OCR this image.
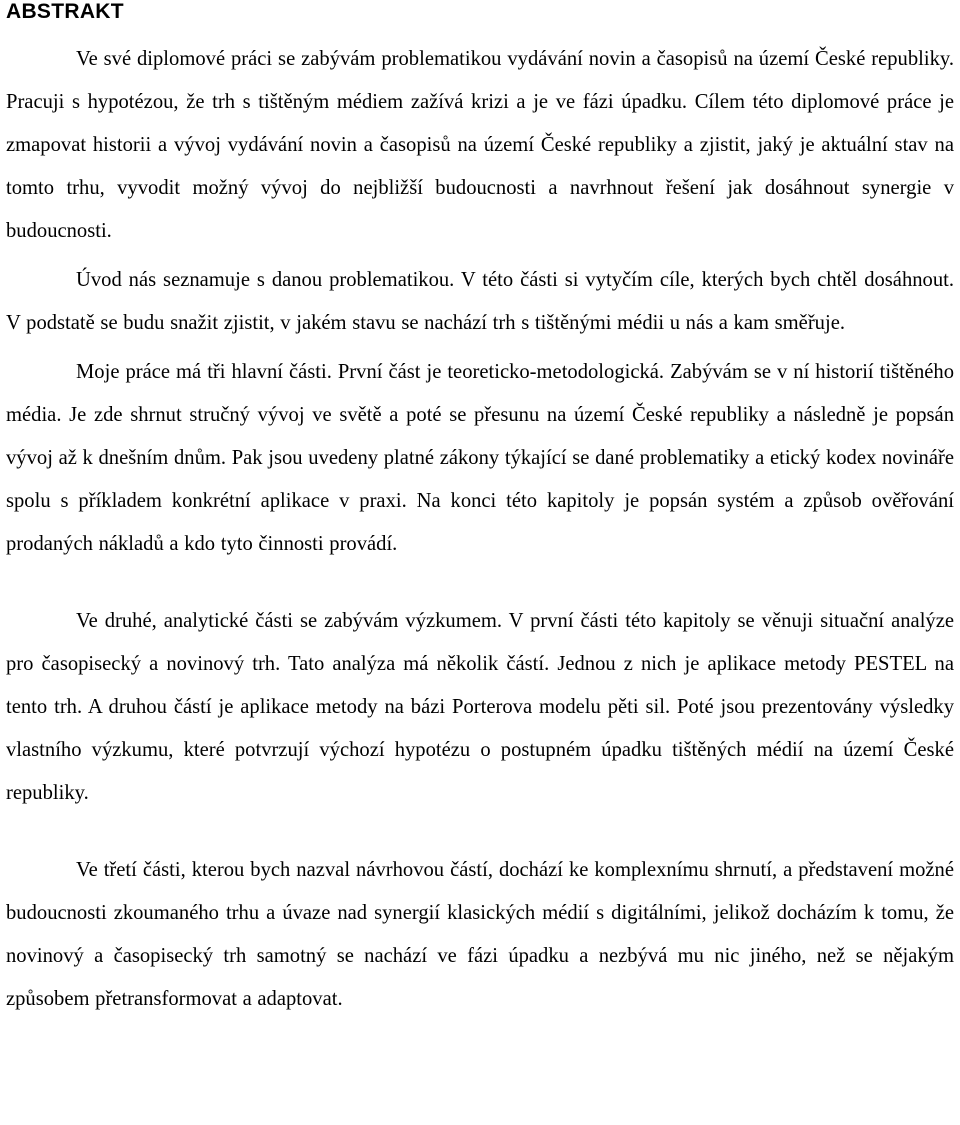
ABSTRAKT

Ve své diplomové práci se zabývám problematikou vydávání novin a časopisů na území České republiky. Pracuji s hypotézou, že trh s tištěným médiem zažívá krizi a je ve fázi úpadku. Cílem této diplomové práce je zmapovat historii a vývoj vydávání novin a časopisů na území České republiky a zjistit, jaký je aktuální stav na tomto trhu, vyvodit možný vývoj do nejbližší budoucnosti a navrhnout řešení jak dosáhnout synergie v budoucnosti.

Úvod nás seznamuje s danou problematikou. V této části si vytyčím cíle, kterých bych chtěl dosáhnout. V podstatě se budu snažit zjistit, v jakém stavu se nachází trh s tištěnými médii u nás a kam směřuje.

Moje práce má tři hlavní části. První část je teoreticko-metodologická. Zabývám se v ní historií tištěného média. Je zde shrnut stručný vývoj ve světě a poté se přesunu na území České republiky a následně je popsán vývoj až k dnešním dnům. Pak jsou uvedeny platné zákony týkající se dané problematiky a etický kodex novináře spolu s příkladem konkrétní aplikace v praxi. Na konci této kapitoly je popsán systém a způsob ověřování prodaných nákladů a kdo tyto činnosti provádí.

Ve druhé, analytické části se zabývám výzkumem. V první části této kapitoly se věnuji situační analýze pro časopisecký a novinový trh. Tato analýza má několik částí. Jednou z nich je aplikace metody PESTEL na tento trh. A druhou částí je aplikace metody na bázi Porterova modelu pěti sil. Poté jsou prezentovány výsledky vlastního výzkumu, které potvrzují výchozí hypotézu o postupném úpadku tištěných médií na území České republiky.

Ve třetí části, kterou bych nazval návrhovou částí, dochází ke komplexnímu shrnutí, a představení možné budoucnosti zkoumaného trhu a úvaze nad synergií klasických médií s digitálními, jelikož docházím k tomu, že novinový a časopisecký trh samotný se nachází ve fázi úpadku a nezbývá mu nic jiného, než se nějakým způsobem přetransformovat a adaptovat.
